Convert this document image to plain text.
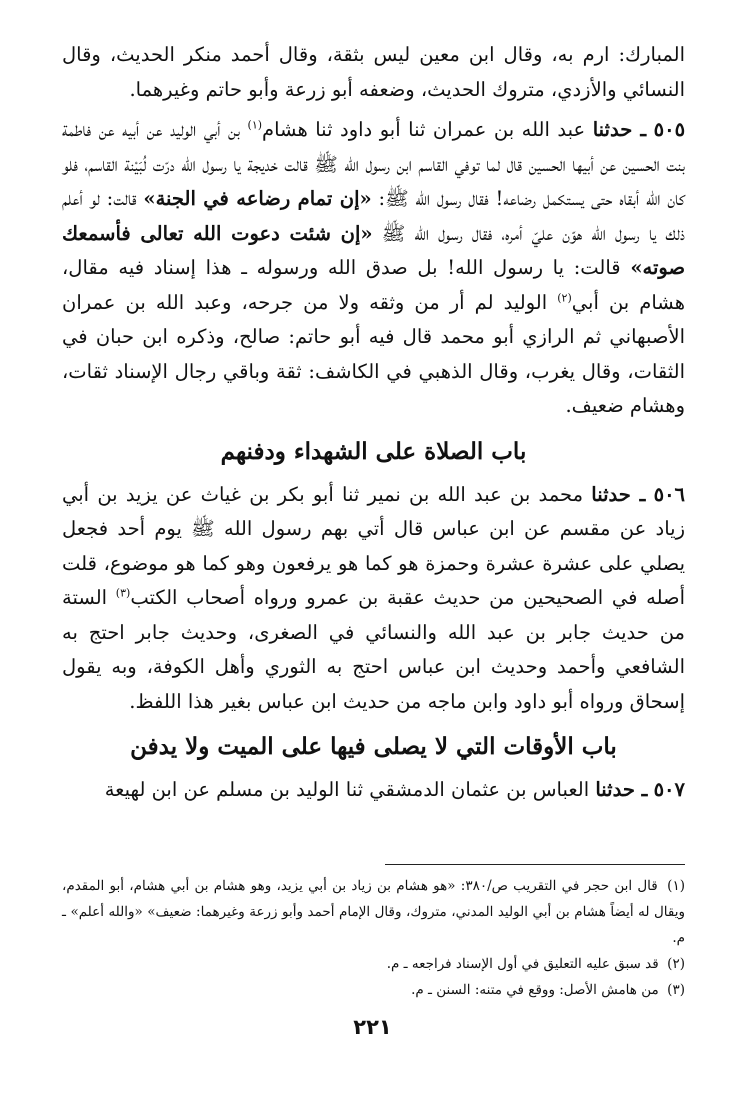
المبارك: ارم به، وقال ابن معين ليس بثقة، وقال أحمد منكر الحديث، وقال النسائي والأزدي، متروك الحديث، وضعفه أبو زرعة وأبو حاتم وغيرهما.

٥٠٥ ـ حدثنا عبد الله بن عمران ثنا أبو داود ثنا هشام$^{(١)}$ بن أبي الوليد عن أبيه عن فاطمة بنت الحسين عن أبيها الحسين قال لما توفي القاسم ابن رسول الله ﷺ قالت خديجة يا رسول الله درّت لُبَيْنة القاسم، فلو كان الله أبقاه حتى يستكمل رضاعه! فقال رسول الله ﷺ: «إن تمام رضاعه في الجنة» قالت: لو أعلم ذلك يا رسول الله هوّن عليّ أمره، فقال رسول الله ﷺ «إن شئت دعوت الله تعالى فأسمعك صوته» قالت: يا رسول الله! بل صدق الله ورسوله ـ هذا إسناد فيه مقال، هشام بن أبي$^{(٢)}$ الوليد لم أر من وثقه ولا من جرحه، وعبد الله بن عمران الأصبهاني ثم الرازي أبو محمد قال فيه أبو حاتم: صالح، وذكره ابن حبان في الثقات، وقال يغرب، وقال الذهبي في الكاشف: ثقة وباقي رجال الإسناد ثقات، وهشام ضعيف.

باب الصلاة على الشهداء ودفنهم

٥٠٦ ـ حدثنا محمد بن عبد الله بن نمير ثنا أبو بكر بن غياث عن يزيد بن أبي زياد عن مقسم عن ابن عباس قال أتي بهم رسول الله ﷺ يوم أحد فجعل يصلي على عشرة عشرة وحمزة هو كما هو يرفعون وهو كما هو موضوع، قلت أصله في الصحيحين من حديث عقبة بن عمرو ورواه أصحاب الكتب$^{(٣)}$ الستة من حديث جابر بن عبد الله والنسائي في الصغرى، وحديث جابر احتج به الشافعي وأحمد وحديث ابن عباس احتج به الثوري وأهل الكوفة، وبه يقول إسحاق ورواه أبو داود وابن ماجه من حديث ابن عباس بغير هذا اللفظ.

باب الأوقات التي لا يصلى فيها على الميت ولا يدفن

٥٠٧ ـ حدثنا العباس بن عثمان الدمشقي ثنا الوليد بن مسلم عن ابن لهيعة

(١) قال ابن حجر في التقريب ص/٣٨٠: «هو هشام بن زياد بن أبي يزيد، وهو هشام بن أبي هشام، أبو المقدم، ويقال له أيضاً هشام بن أبي الوليد المدني، متروك، وقال الإمام أحمد وأبو زرعة وغيرهما: ضعيف» «والله أعلم» ـ م.

(٢) قد سبق عليه التعليق في أول الإسناد فراجعه ـ م.

(٣) من هامش الأصل: ووقع في متنه: السنن ـ م.

٢٢١
